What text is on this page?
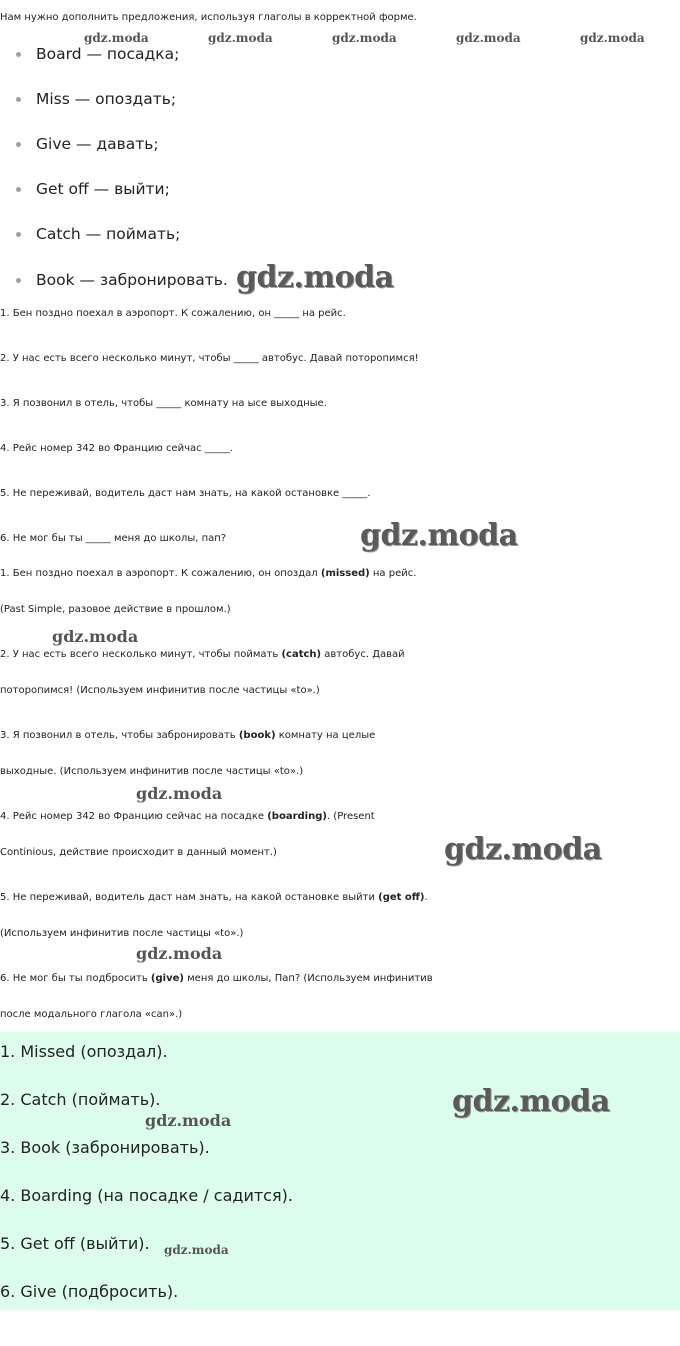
Нам нужно дополнить предложения, используя глаголы в корректной форме.
gdz.moda	gdz.moda	gdz.moda	gdz.moda	gdz.moda
Board — посадка;
Miss — опоздать;
Give — давать;
Get off — выйти;
Catch — поймать;
Book — забронировать. gdz.moda
1. Бен поздно поехал в аэропорт. К сожалению, он _____ на рейс.
2. У нас есть всего несколько минут, чтобы _____ автобус. Давай поторопимся!
3. Я позвонил в отель, чтобы _____ комнату на ысе выходные.
4. Рейс номер 342 во Францию сейчас _____.
5. Не переживай, водитель даст нам знать, на какой остановке _____.
6. Не мог бы ты _____ меня до школы, пап?	gdz.moda
1. Бен поздно поехал в аэропорт. К сожалению, он опоздал (missed) на рейс.
(Past Simple, разовое действие в прошлом.)
gdz.moda
2. У нас есть всего несколько минут, чтобы поймать (catch) автобус. Давай
поторопимся! (Используем инфинитив после частицы «to».)
3. Я позвонил в отель, чтобы забронировать (book) комнату на целые
выходные. (Используем инфинитив после частицы «to».)
gdz.moda
4. Рейс номер 342 во Францию сейчас на посадке (boarding). (Present
Continious, действие происходит в данный момент.)	gdz.moda
5. Не переживай, водитель даст нам знать, на какой остановке выйти (get off).
(Используем инфинитив после частицы «to».)
gdz.moda
6. Не мог бы ты подбросить (give) меня до школы, Пап? (Используем инфинитив
после модального глагола «can».)
1. Missed (опоздал).
2. Catch (поймать).
3. Book (забронировать).
4. Boarding (на посадке / садится).
5. Get off (выйти).
6. Give (подбросить).
gdz.moda
gdz.moda
gdz.moda
